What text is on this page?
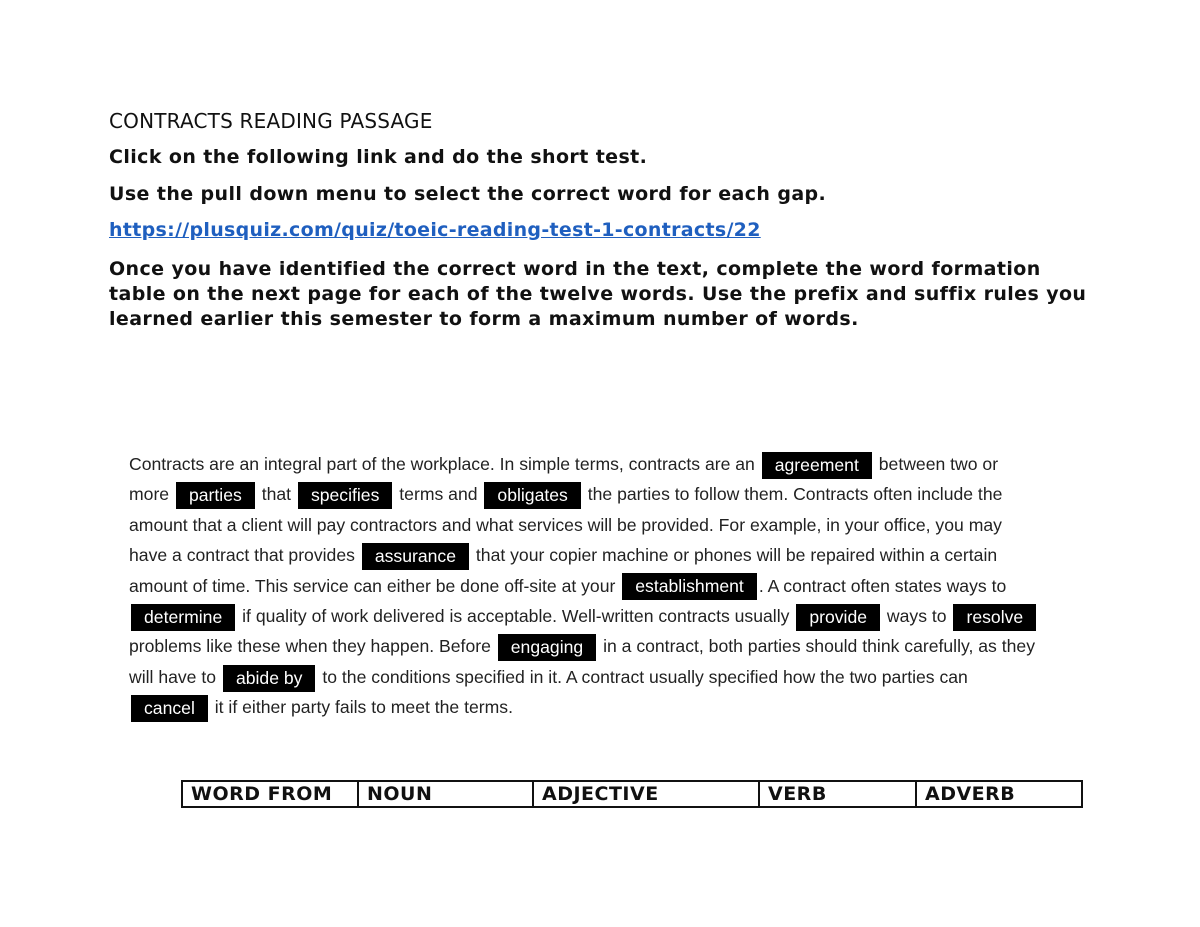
CONTRACTS READING PASSAGE

Click on the following link and do the short test.

Use the pull down menu to select the correct word for each gap.

https://plusquiz.com/quiz/toeic-reading-test-1-contracts/22

Once you have identified the correct word in the text, complete the word formation table on the next page for each of the twelve words. Use the prefix and suffix rules you learned earlier this semester to form a maximum number of words.

Contracts are an integral part of the workplace. In simple terms, contracts are an agreement between two or
more parties that specifies terms and obligates the parties to follow them. Contracts often include the
amount that a client will pay contractors and what services will be provided. For example, in your office, you may
have a contract that provides assurance that your copier machine or phones will be repaired within a certain
amount of time. This service can either be done off-site at your establishment . A contract often states ways to
determine if quality of work delivered is acceptable. Well-written contracts usually provide ways to resolve
problems like these when they happen. Before engaging in a contract, both parties should think carefully, as they
will have to abide by to the conditions specified in it. A contract usually specified how the two parties can
cancel it if either party fails to meet the terms.
WORD FROM	NOUN	ADJECTIVE	VERB	ADVERB
